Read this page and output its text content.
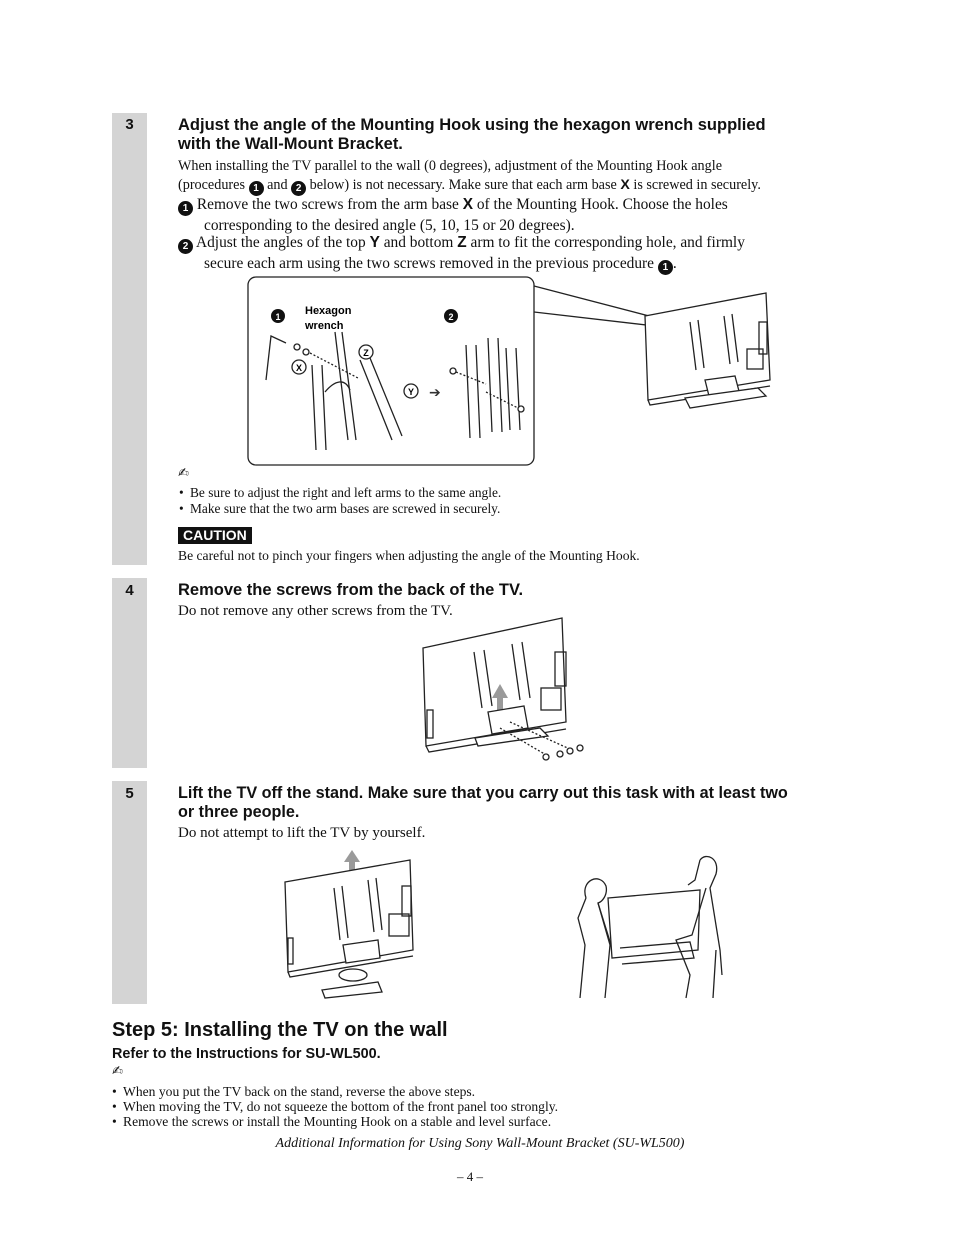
3	Adjust the angle of the Mounting Hook using the hexagon wrench supplied
with the Wall-Mount Bracket.
When installing the TV parallel to the wall (0 degrees), adjustment of the Mounting Hook angle
(procedures 1 and 2 below) is not necessary. Make sure that each arm base X is screwed in securely.
1 Remove the two screws from the arm base X of the Mounting Hook. Choose the holes
corresponding to the desired angle (5, 10, 15 or 20 degrees).
2 Adjust the angles of the top Y and bottom Z arm to fit the corresponding hole, and firmly
secure each arm using the two screws removed in the previous procedure 1 .
1 Hexagon
wrench
Z
X
Y ➔
2
✍
• Be sure to adjust the right and left arms to the same angle.
• Make sure that the two arm bases are screwed in securely.
CAUTION
Be careful not to pinch your fingers when adjusting the angle of the Mounting Hook.
4	Remove the screws from the back of the TV.
Do not remove any other screws from the TV.
5	Lift the TV off the stand. Make sure that you carry out this task with at least two
or three people.
Do not attempt to lift the TV by yourself.
Step 5: Installing the TV on the wall
Refer to the Instructions for SU-WL500.
✍
• When you put the TV back on the stand, reverse the above steps.
• When moving the TV, do not squeeze the bottom of the front panel too strongly.
• Remove the screws or install the Mounting Hook on a stable and level surface.
Additional Information for Using Sony Wall-Mount Bracket (SU-WL500)
– 4 –
